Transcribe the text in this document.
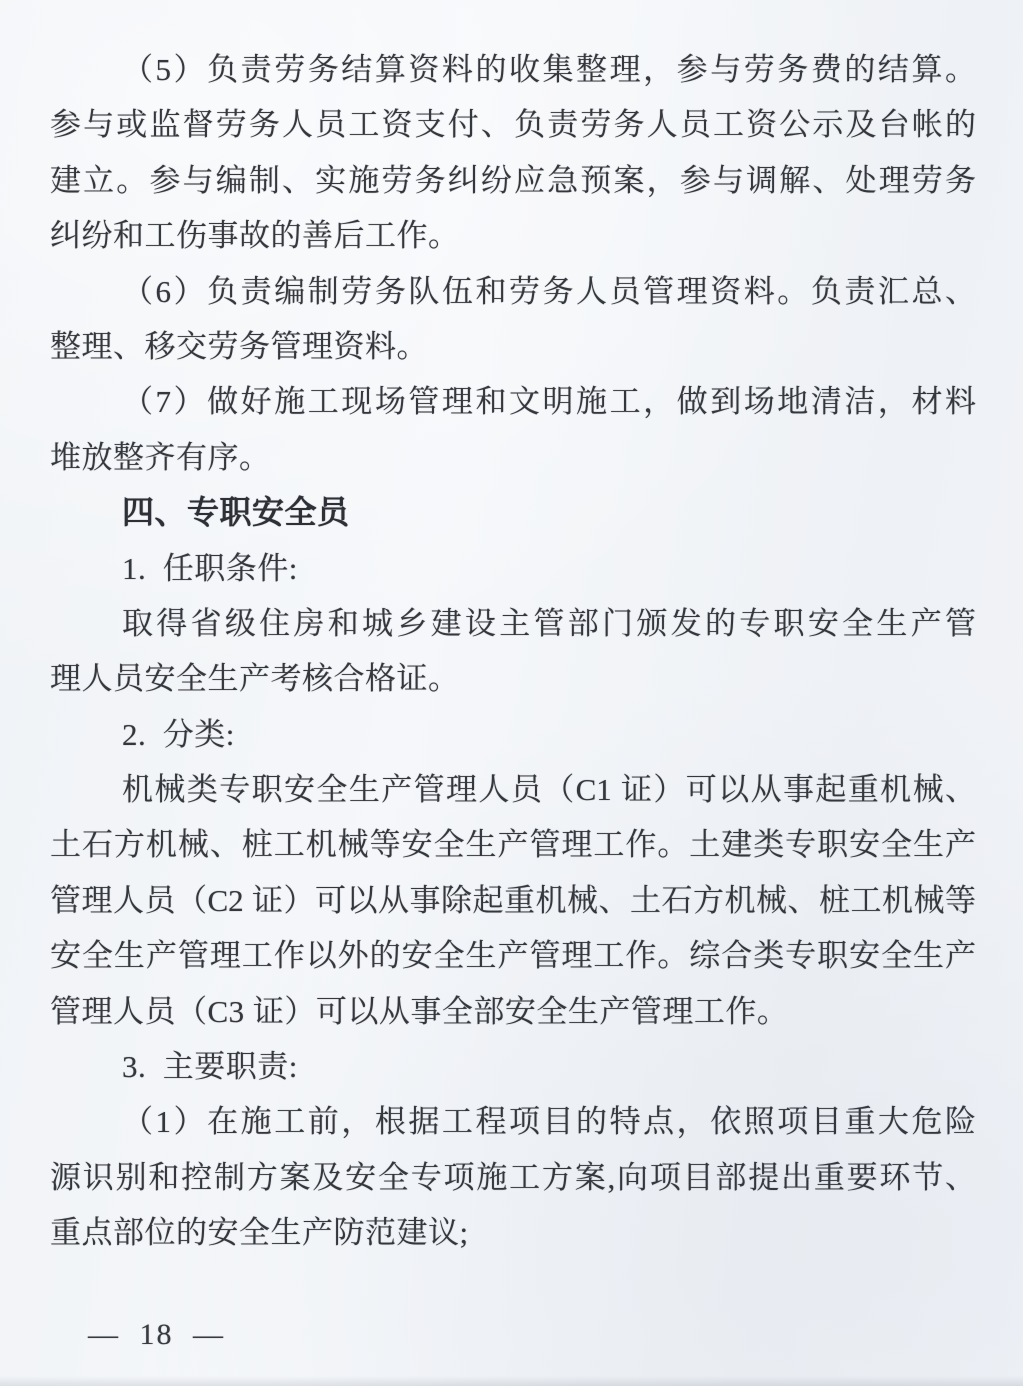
（5）负责劳务结算资料的收集整理，参与劳务费的结算。
参与或监督劳务人员工资支付、负责劳务人员工资公示及台帐的
建立。参与编制、实施劳务纠纷应急预案，参与调解、处理劳务
纠纷和工伤事故的善后工作。
（6）负责编制劳务队伍和劳务人员管理资料。负责汇总、
整理、移交劳务管理资料。
（7）做好施工现场管理和文明施工，做到场地清洁，材料
堆放整齐有序。
四、专职安全员
1.  任职条件:
取得省级住房和城乡建设主管部门颁发的专职安全生产管
理人员安全生产考核合格证。
2.  分类:
机械类专职安全生产管理人员（C1 证）可以从事起重机械、
土石方机械、桩工机械等安全生产管理工作。土建类专职安全生产
管理人员（C2 证）可以从事除起重机械、土石方机械、桩工机械等
安全生产管理工作以外的安全生产管理工作。综合类专职安全生产
管理人员（C3 证）可以从事全部安全生产管理工作。
3.  主要职责:
（1）在施工前，根据工程项目的特点，依照项目重大危险
源识别和控制方案及安全专项施工方案,向项目部提出重要环节、
重点部位的安全生产防范建议;
— 18 —
